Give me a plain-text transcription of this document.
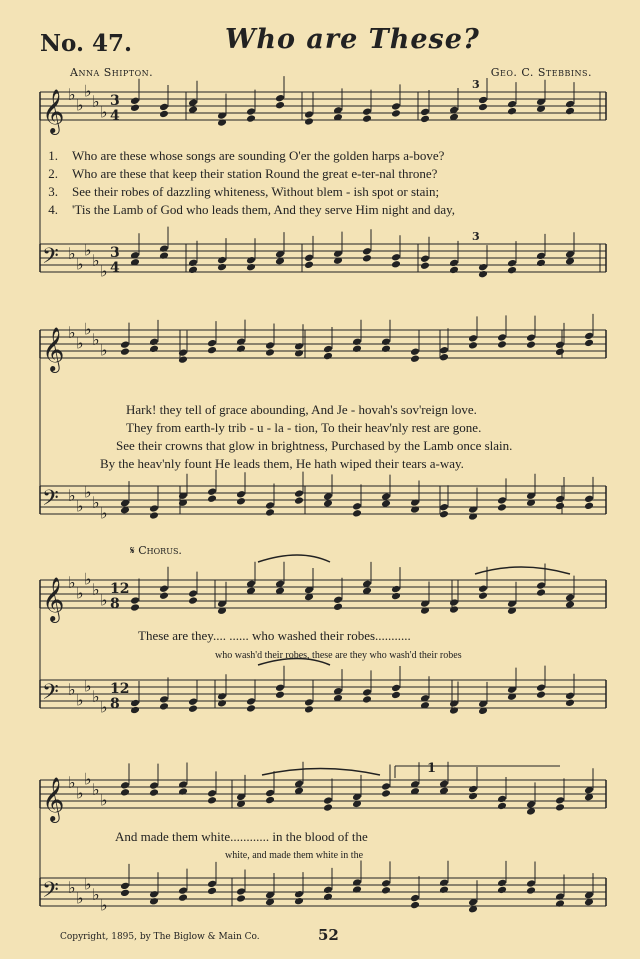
No. 47.	Who are These?
Anna Shipton.	Geo. C. Stebbins.
𝄞 ♭
♭
♭
♭
♭
3
4
𝄢 ♭
♭
♭
♭
♭
3
4
𝄞 ♭
♭
♭
♭
♭
𝄢 ♭
♭
♭
♭
♭
𝄞 ♭
♭
♭
♭
♭
12
8
𝄢 ♭
♭
♭
♭
♭
12
8
𝄞 ♭
♭
♭
♭
♭
𝄢 ♭
♭
♭
♭
♭
3
3
1
1. Who are these whose songs are sounding O'er the golden harps a-bove?
2. Who are these that keep their station Round the great e-ter-nal throne?
3. See their robes of dazzling whiteness, Without blem - ish spot or stain;
4. 'Tis the Lamb of God who leads them, And they serve Him night and day,
Hark! they tell of grace abounding, And Je - hovah's sov'reign love.
They from earth-ly trib - u - la - tion, To their heav'nly rest are gone.
See their crowns that glow in brightness, Purchased by the Lamb once slain.
By the heav'nly fount He leads them, He hath wiped their tears a-way.
𝄋 Chorus.
These are they.... ...... who washed their robes...........
who wash'd their robes, these are they who wash'd their robes
And made them white............ in the blood of the
white, and made them white in the
Copyright, 1895, by The Biglow & Main Co.	52
